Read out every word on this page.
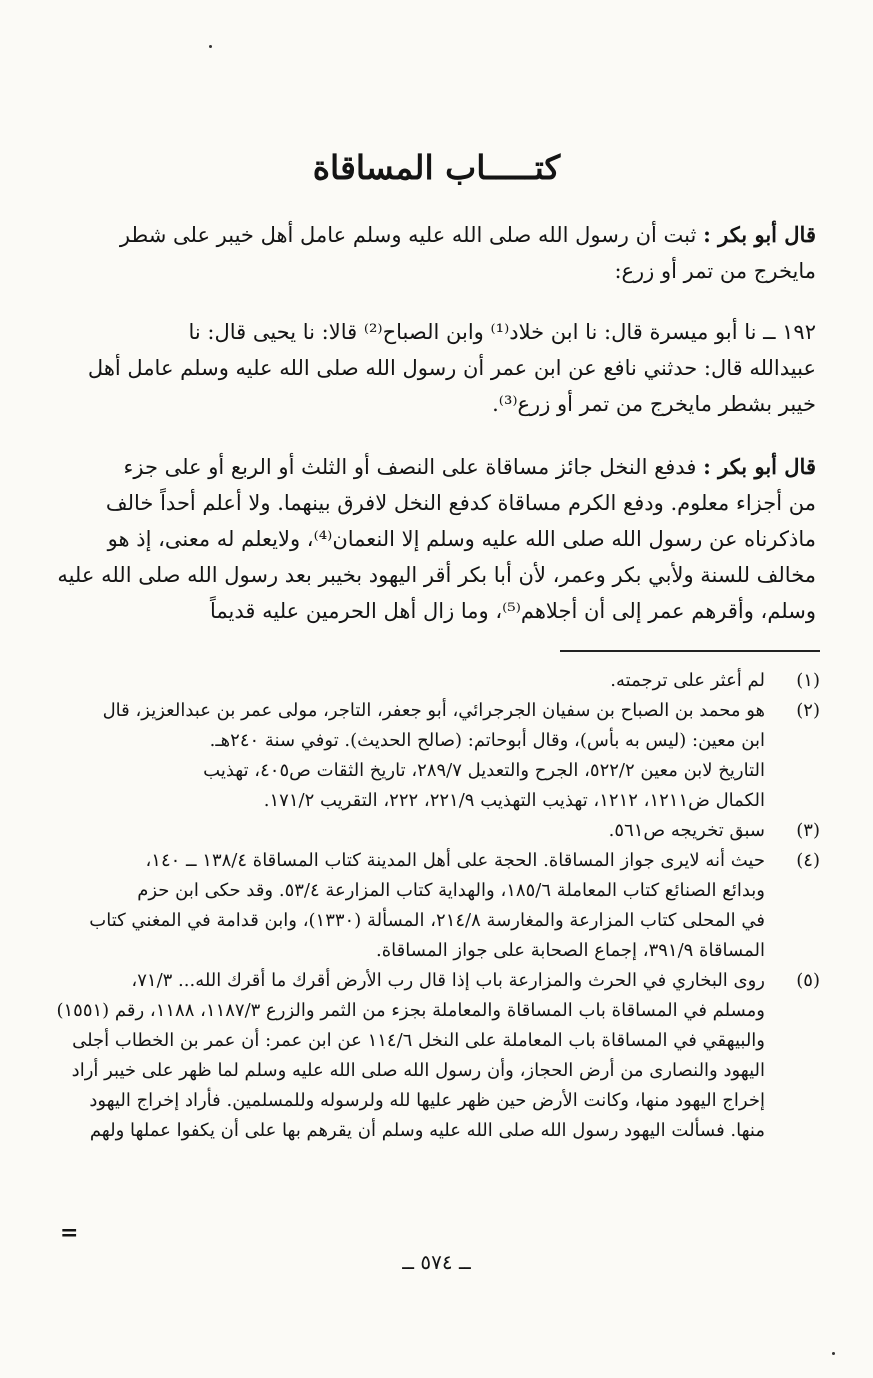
كتـــــاب المساقاة
قال أبو بكر : ثبت أن رسول الله صلى الله عليه وسلم عامل أهل خيبر على شطر
مايخرج من تمر أو زرع:
١٩٢ ــ نا أبو ميسرة قال: نا ابن خلاد⁽¹⁾ وابن الصباح⁽²⁾ قالا: نا يحيى قال: نا
عبيدالله قال: حدثني نافع عن ابن عمر أن رسول الله صلى الله عليه وسلم عامل أهل
خيبر بشطر مايخرج من تمر أو زرع⁽³⁾.
قال أبو بكر : فدفع النخل جائز مساقاة على النصف أو الثلث أو الربع أو على جزء
من أجزاء معلوم. ودفع الكرم مساقاة كدفع النخل لافرق بينهما. ولا أعلم أحداً خالف
ماذكرناه عن رسول الله صلى الله عليه وسلم إلا النعمان⁽⁴⁾، ولايعلم له معنى، إذ هو
مخالف للسنة ولأبي بكر وعمر، لأن أبا بكر أقر اليهود بخيبر بعد رسول الله صلى الله عليه
وسلم، وأقرهم عمر إلى أن أجلاهم⁽⁵⁾، وما زال أهل الحرمين عليه قديماً
(١)
لم أعثر على ترجمته.
(٢)
هو محمد بن الصباح بن سفيان الجرجرائي، أبو جعفر، التاجر، مولى عمر بن عبدالعزيز، قال
ابن معين: (ليس به بأس)، وقال أبوحاتم: (صالح الحديث). توفي سنة ٢٤٠هـ.
التاريخ لابن معين ٥٢٢/٢، الجرح والتعديل ٢٨٩/٧، تاريخ الثقات ص٤٠٥، تهذيب
الكمال ض١٢١١، ١٢١٢، تهذيب التهذيب ٢٢١/٩، ٢٢٢، التقريب ١٧١/٢.
(٣)
سبق تخريجه ص٥٦١.
(٤)
حيث أنه لايرى جواز المساقاة. الحجة على أهل المدينة كتاب المساقاة ١٣٨/٤ ــ ١٤٠،
وبدائع الصنائع كتاب المعاملة ١٨٥/٦، والهداية كتاب المزارعة ٥٣/٤. وقد حكى ابن حزم
في المحلى كتاب المزارعة والمغارسة ٢١٤/٨، المسألة (١٣٣٠)، وابن قدامة في المغني كتاب
المساقاة ٣٩١/٩، إجماع الصحابة على جواز المساقاة.
(٥)
روى البخاري في الحرث والمزارعة باب إذا قال رب الأرض أقرك ما أقرك الله... ٧١/٣،
ومسلم في المساقاة باب المساقاة والمعاملة بجزء من الثمر والزرع ١١٨٧/٣، ١١٨٨، رقم (١٥٥١)
والبيهقي في المساقاة باب المعاملة على النخل ١١٤/٦ عن ابن عمر: أن عمر بن الخطاب أجلى
اليهود والنصارى من أرض الحجاز، وأن رسول الله صلى الله عليه وسلم لما ظهر على خيبر أراد
إخراج اليهود منها، وكانت الأرض حين ظهر عليها لله ولرسوله وللمسلمين. فأراد إخراج اليهود
منها. فسألت اليهود رسول الله صلى الله عليه وسلم أن يقرهم بها على أن يكفوا عملها ولهم
=
ــ ٥٧٤ ــ
